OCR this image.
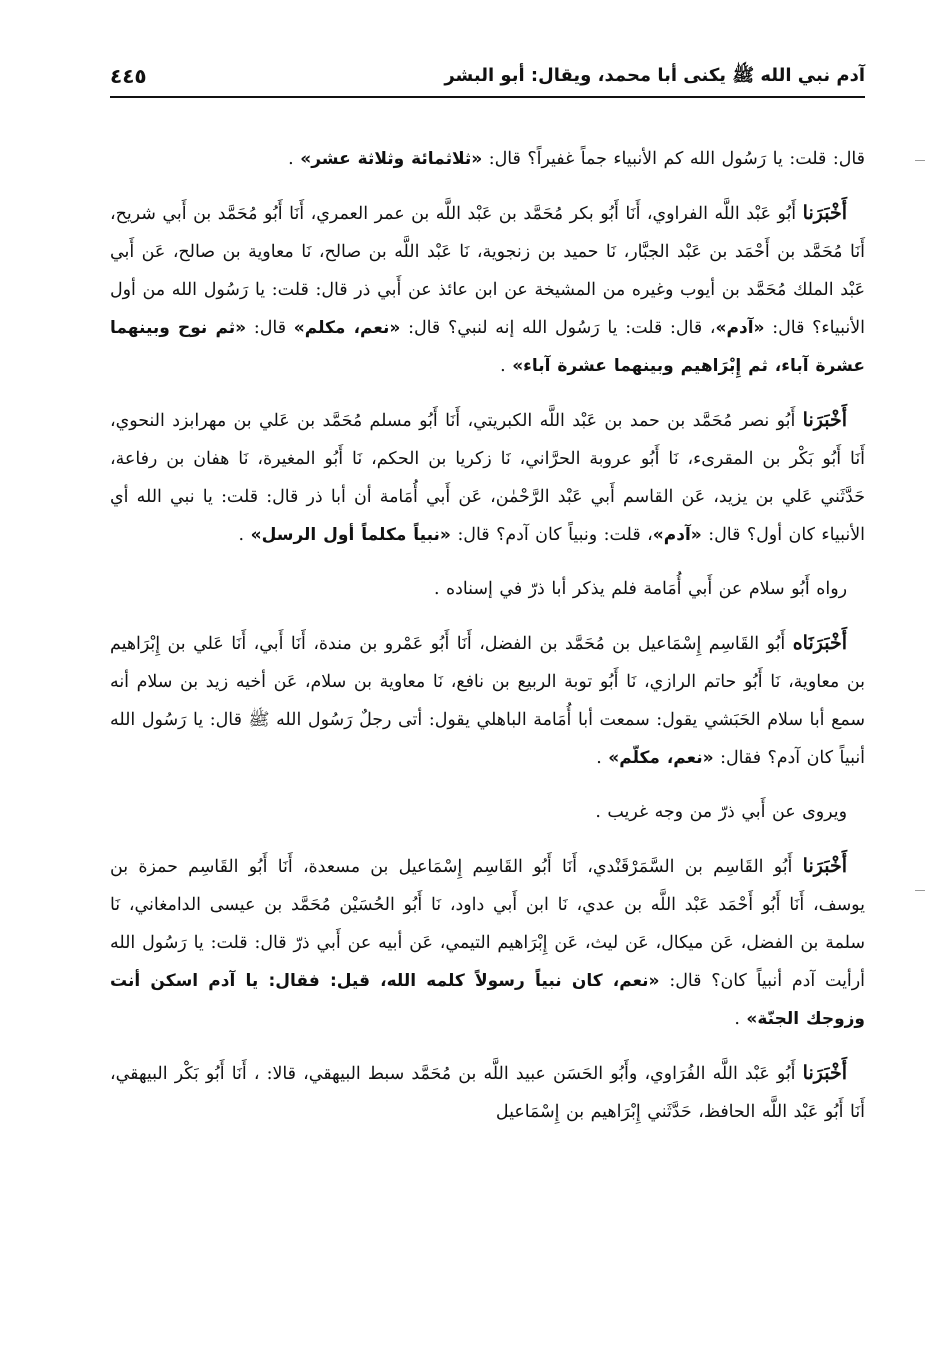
آدم نبي الله ﷺ يكنى أبا محمد، ويقال: أبو البشر
٤٤٥

قال: قلت: يا رَسُول الله كم الأنبياء جماً غفيراً؟ قال: «ثلاثمائة وثلاثة عشر» .

أَخْبَرَنا أَبُو عَبْد اللَّه الفراوي، أَنَا أَبُو بكر مُحَمَّد بن عَبْد اللَّه بن عمر العمري، أَنَا أَبُو مُحَمَّد بن أَبي شريح، أَنَا مُحَمَّد بن أَحْمَد بن عَبْد الجبَّار، نَا حميد بن زنجوية، نَا عَبْد اللَّه بن صالح، نَا معاوية بن صالح، عَن أَبي عَبْد الملك مُحَمَّد بن أيوب وغيره من المشيخة عن ابن عائذ عن أَبي ذر قال: قلت: يا رَسُول الله من أول الأنبياء؟ قال: «آدم»، قال: قلت: يا رَسُول الله إنه لنبي؟ قال: «نعم، مكلم» قال: «ثم نوح وبينهما عشرة آباء، ثم إِبْرَاهيم وبينهما عشرة آباء» .

أَخْبَرَنا أَبُو نصر مُحَمَّد بن حمد بن عَبْد اللَّه الكبريتي، أَنَا أَبُو مسلم مُحَمَّد بن عَلي بن مهرابزد النحوي، أَنَا أَبُو بَكْر بن المقرىء، نَا أَبُو عروبة الحرَّاني، نَا زكريا بن الحكم، نَا أَبُو المغيرة، نَا هفان بن رفاعة، حَدَّثَني عَلي بن يزيد، عَن القاسم أَبي عَبْد الرَّحْمٰن، عَن أَبي أُمَامة أن أبا ذر قال: قلت: يا نبي الله أي الأنبياء كان أول؟ قال: «آدم»، قلت: ونبياً كان آدم؟ قال: «نبياً مكلماً أول الرسل» .

رواه أَبُو سلام عن أَبي أُمَامة فلم يذكر أبا ذرّ في إسناده .

أَخْبَرَنَاه أَبُو القَاسِم إِسْمَاعيل بن مُحَمَّد بن الفضل، أَنَا أَبُو عَمْرو بن مندة، أَنَا أَبي، أَنَا عَلي بن إِبْرَاهيم بن معاوية، نَا أَبُو حاتم الرازي، نَا أَبُو توبة الربيع بن نافع، نَا معاوية بن سلام، عَن أخيه زيد بن سلام أنه سمع أبا سلام الحَبَشي يقول: سمعت أبا أُمَامة الباهلي يقول: أتى رجلٌ رَسُول الله ﷺ قال: يا رَسُول الله أنبياً كان آدم؟ فقال: «نعم، مكلّم» .

ويروى عن أَبي ذرّ من وجه غريب .

أَخْبَرَنا أَبُو القَاسِم بن السَّمَرْقَنْدي، أَنَا أَبُو القَاسِم إِسْمَاعيل بن مسعدة، أَنَا أَبُو القَاسِم حمزة بن يوسف، أَنَا أَبُو أَحْمَد عَبْد اللَّه بن عدي، نَا ابن أَبي داود، نَا أَبُو الحُسَيْن مُحَمَّد بن عيسى الدامغاني، نَا سلمة بن الفضل، عَن ميكال، عَن ليث، عَن إِبْرَاهيم التيمي، عَن أبيه عن أَبي ذرّ قال: قلت: يا رَسُول الله أرأيت آدم أنبياً كان؟ قال: «نعم، كان نبياً رسولاً كلمه الله، قيل: فقال: يا آدم اسكن أنت وزوجك الجنّة» .

أَخْبَرَنا أَبُو عَبْد اللَّه الفُرَاوي، وأَبُو الحَسَن عبيد اللَّه بن مُحَمَّد سبط البيهقي، قالا: ، أَنَا أَبُو بَكْر البيهقي، أَنَا أَبُو عَبْد اللَّه الحافظ، حَدَّثَني إِبْرَاهيم بن إِسْمَاعيل
